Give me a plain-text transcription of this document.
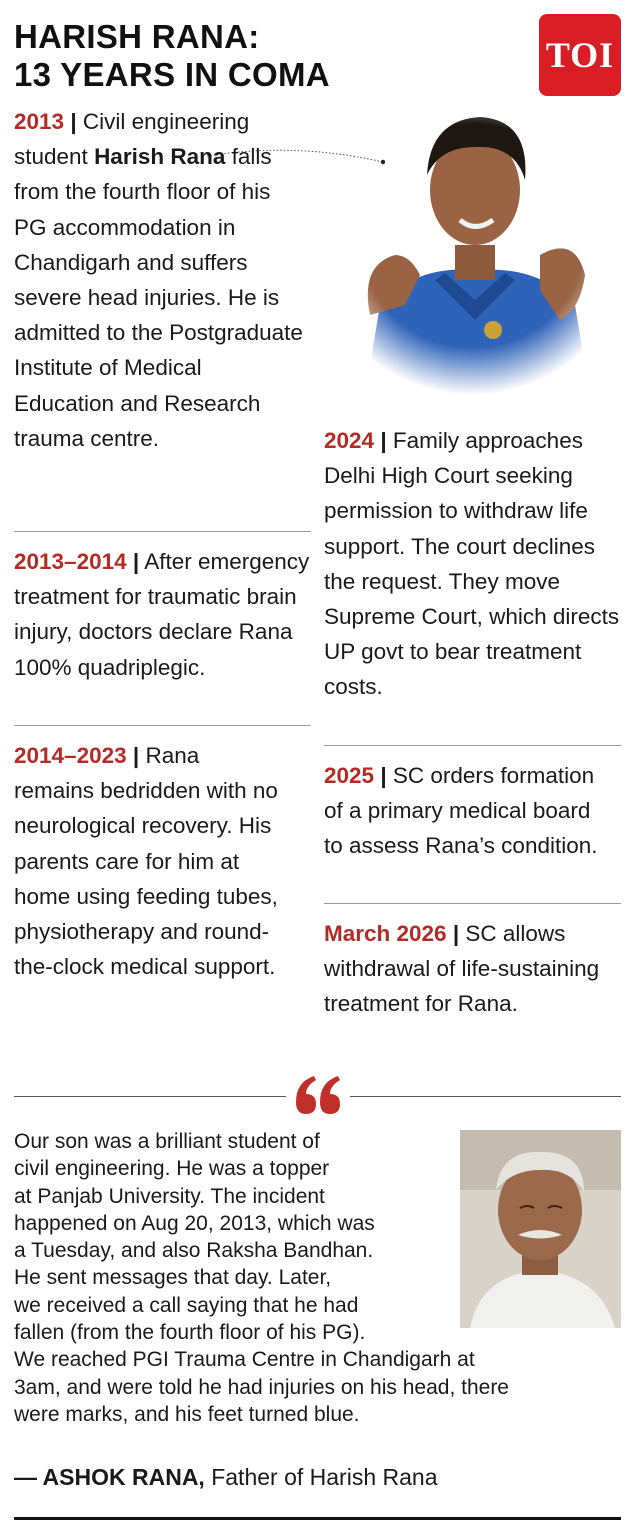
HARISH RANA:
13 YEARS IN COMA	TOI
2013 | Civil engineering student Harish Rana falls from the fourth floor of his PG accommodation in Chandigarh and suffers severe head injuries. He is admitted to the Postgraduate Institute of Medical Education and Research trauma centre.
2013–2014 | After emergency treatment for traumatic brain injury, doctors declare Rana 100% quadriplegic.
2014–2023 | Rana remains bedridden with no neurological recovery. His parents care for him at home using feeding tubes, physiotherapy and round-the-clock medical support.
2024 | Family approaches Delhi High Court seeking permission to withdraw life support. The court declines the request. They move Supreme Court, which directs UP govt to bear treatment costs.
2025 | SC orders formation of a primary medical board to assess Rana’s condition.
March 2026 | SC allows withdrawal of life-sustaining treatment for Rana.
Our son was a brilliant student of
civil engineering. He was a topper
at Panjab University. The incident
happened on Aug 20, 2013, which was
a Tuesday, and also Raksha Bandhan.
He sent messages that day. Later,
we received a call saying that he had
fallen (from the fourth floor of his PG).
We reached PGI Trauma Centre in Chandigarh at
3am, and were told he had injuries on his head, there
were marks, and his feet turned blue.
— ASHOK RANA, Father of Harish Rana
